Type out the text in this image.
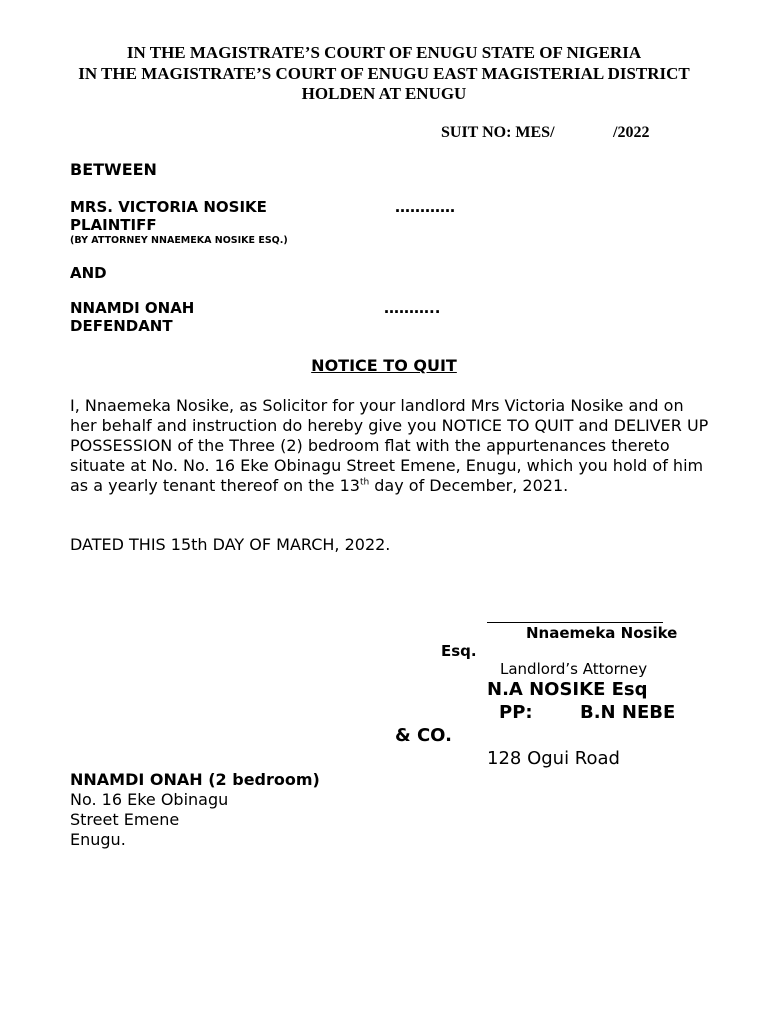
IN THE MAGISTRATE’S COURT OF ENUGU STATE OF NIGERIA
IN THE MAGISTRATE’S COURT OF ENUGU EAST MAGISTERIAL DISTRICT
HOLDEN AT ENUGU
SUIT NO: MES/	/2022
BETWEEN
MRS. VICTORIA NOSIKE	…………
PLAINTIFF
(BY ATTORNEY NNAEMEKA NOSIKE ESQ.)
AND
NNAMDI ONAH	………..
DEFENDANT
NOTICE TO QUIT
I, Nnaemeka Nosike, as Solicitor for your landlord Mrs Victoria Nosike and on her behalf and instruction do hereby give you NOTICE TO QUIT and DELIVER UP POSSESSION of the Three (2) bedroom flat with the appurtenances thereto situate at No. No. 16 Eke Obinagu Street Emene, Enugu, which you hold of him as a yearly tenant thereof on the 13th day of December, 2021.
DATED THIS 15th DAY OF MARCH, 2022.
Nnaemeka Nosike
Esq.
Landlord’s Attorney
N.A NOSIKE Esq
PP:	B.N NEBE
& CO.
128 Ogui Road
NNAMDI ONAH (2 bedroom)
No. 16 Eke Obinagu
Street Emene
Enugu.
